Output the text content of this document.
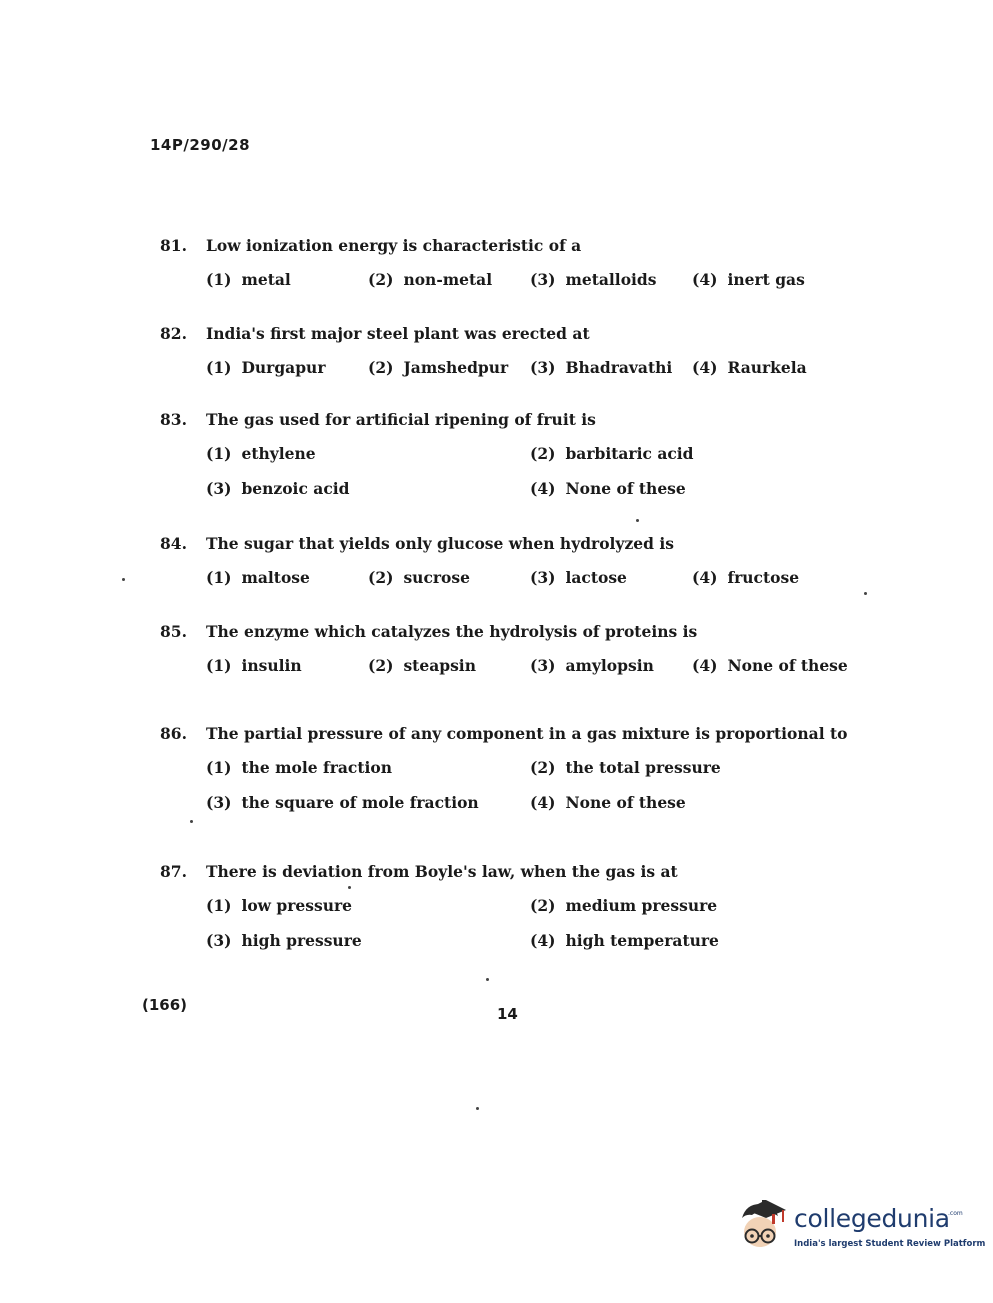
14P/290/28
81.	Low ionization energy is characteristic of a
(1) metal	(2) non-metal	(3) metalloids	(4) inert gas
82.	India's first major steel plant was erected at
(1) Durgapur	(2) Jamshedpur	(3) Bhadravathi	(4) Raurkela
83.	The gas used for artificial ripening of fruit is
(1) ethylene	(2) barbitaric acid
(3) benzoic acid	(4) None of these
84.	The sugar that yields only glucose when hydrolyzed is
(1) maltose	(2) sucrose	(3) lactose	(4) fructose
85.	The enzyme which catalyzes the hydrolysis of proteins is
(1) insulin	(2) steapsin	(3) amylopsin	(4) None of these
86.	The partial pressure of any component in a gas mixture is proportional to
(1) the mole fraction	(2) the total pressure
(3) the square of mole fraction	(4) None of these
87.	There is deviation from Boyle's law, when the gas is at
(1) low pressure	(2) medium pressure
(3) high pressure	(4) high temperature
(166)	14
collegedunia
.com
India's largest Student Review Platform
